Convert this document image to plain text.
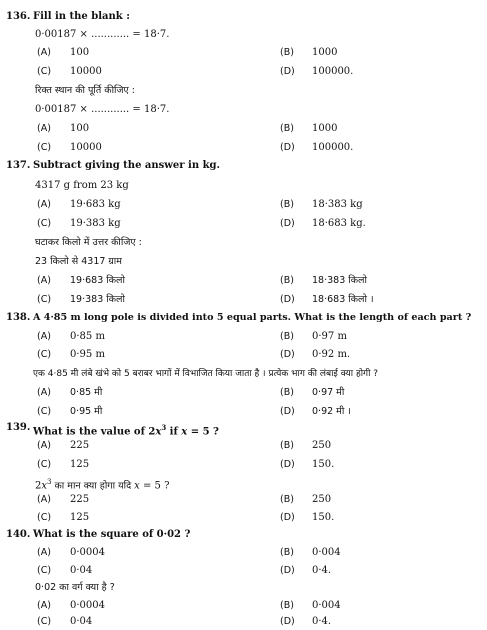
136. Fill in the blank :
0·00187 × ............ = 18·7.
(A) 100	(B) 1000
(C) 10000	(D) 100000.
रिक्त स्थान की पूर्ति कीजिए :
0·00187 × ............ = 18·7.
(A) 100	(B) 1000
(C) 10000	(D) 100000.
137. Subtract giving the answer in kg.
4317 g from 23 kg
(A) 19·683 kg	(B) 18·383 kg
(C) 19·383 kg	(D) 18·683 kg.
घटाकर किलो में उत्तर कीजिए :
23 किलो से 4317 ग्राम
(A) 19·683 किलो	(B) 18·383 किलो
(C) 19·383 किलो	(D) 18·683 किलो ।
138. A 4·85 m long pole is divided into 5 equal parts. What is the length of each part ?
(A) 0·85 m	(B) 0·97 m
(C) 0·95 m	(D) 0·92 m.
एक 4·85 मी लंबे खंभे को 5 बराबर भागों में विभाजित किया जाता है । प्रत्येक भाग की लंबाई क्या होगी ?
(A) 0·85 मी	(B) 0·97 मी
(C) 0·95 मी	(D) 0·92 मी ।
139. What is the value of $2x^3$ if x = 5 ?
(A) 225	(B) 250
(C) 125	(D) 150.
$2x^3$ का मान क्या होगा यदि x = 5 ?
(A) 225	(B) 250
(C) 125	(D) 150.
140. What is the square of 0·02 ?
(A) 0·0004	(B) 0·004
(C) 0·04	(D) 0·4.
0·02 का वर्ग क्या है ?
(A) 0·0004	(B) 0·004
(C) 0·04	(D) 0·4.
